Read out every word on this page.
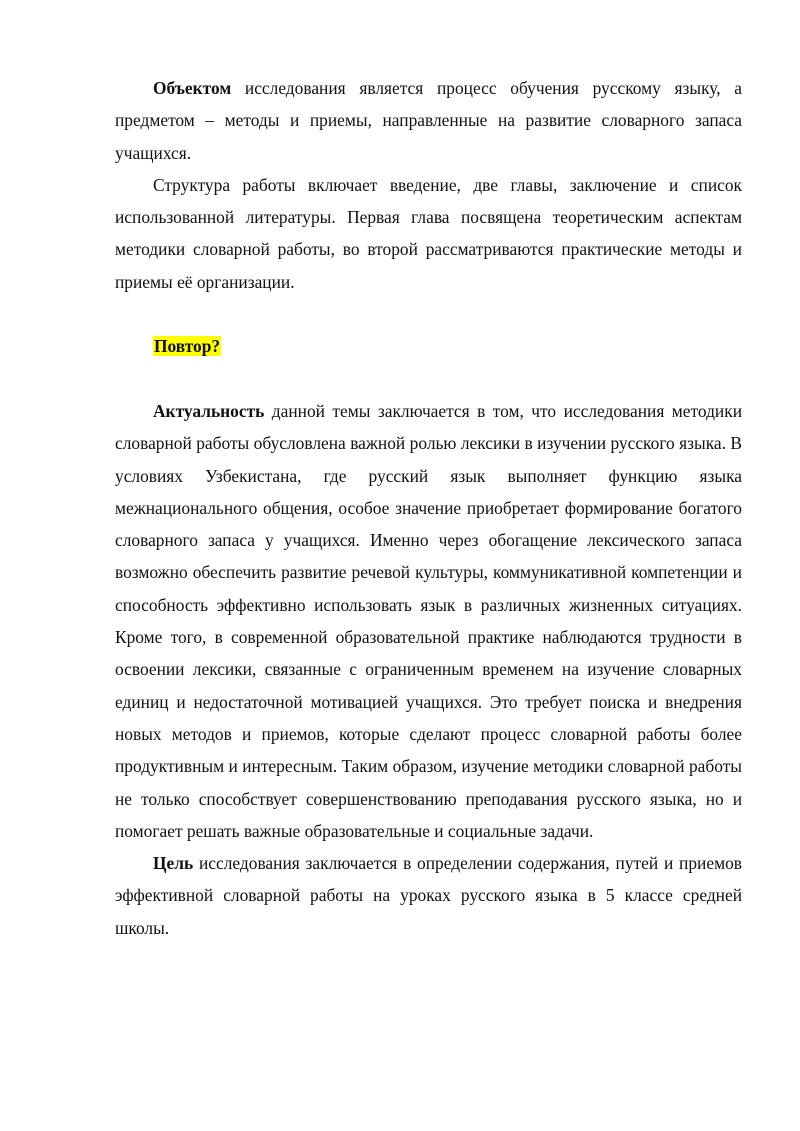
Объектом исследования является процесс обучения русскому языку, а предметом – методы и приемы, направленные на развитие словарного запаса учащихся.

Структура работы включает введение, две главы, заключение и список использованной литературы. Первая глава посвящена теоретическим аспектам методики словарной работы, во второй рассматриваются практические методы и приемы её организации.

Повтор?

Актуальность данной темы заключается в том, что исследования методики словарной работы обусловлена важной ролью лексики в изучении русского языка. В условиях Узбекистана, где русский язык выполняет функцию языка межнационального общения, особое значение приобретает формирование богатого словарного запаса у учащихся. Именно через обогащение лексического запаса возможно обеспечить развитие речевой культуры, коммуникативной компетенции и способность эффективно использовать язык в различных жизненных ситуациях. Кроме того, в современной образовательной практике наблюдаются трудности в освоении лексики, связанные с ограниченным временем на изучение словарных единиц и недостаточной мотивацией учащихся. Это требует поиска и внедрения новых методов и приемов, которые сделают процесс словарной работы более продуктивным и интересным. Таким образом, изучение методики словарной работы не только способствует совершенствованию преподавания русского языка, но и помогает решать важные образовательные и социальные задачи.

Цель исследования заключается в определении содержания, путей и приемов эффективной словарной работы на уроках русского языка в 5 классе средней школы.
